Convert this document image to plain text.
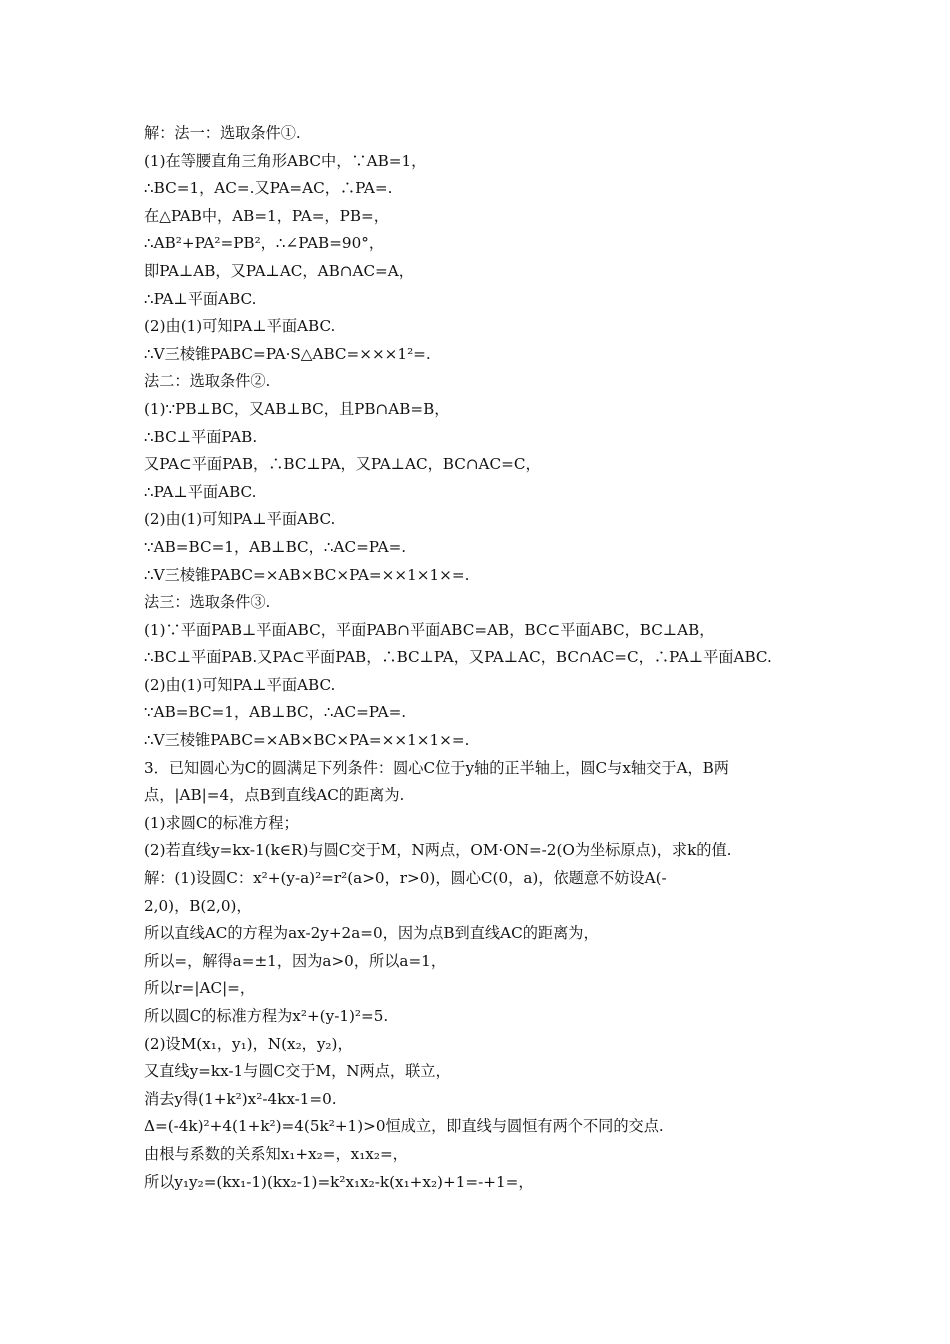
解：法一：选取条件①.

(1)在等腰直角三角形ABC中，∵AB=1，

∴BC=1，AC=.又PA=AC，∴PA=.

在△PAB中，AB=1，PA=，PB=，

∴AB²+PA²=PB²，∴∠PAB=90°，

即PA⊥AB，又PA⊥AC，AB∩AC=A，

∴PA⊥平面ABC.

(2)由(1)可知PA⊥平面ABC.

∴V三棱锥PABC=PA·S△ABC=×××1²=.

法二：选取条件②.

(1)∵PB⊥BC，又AB⊥BC，且PB∩AB=B，

∴BC⊥平面PAB.

又PA⊂平面PAB，∴BC⊥PA，又PA⊥AC，BC∩AC=C，

∴PA⊥平面ABC.

(2)由(1)可知PA⊥平面ABC.

∵AB=BC=1，AB⊥BC，∴AC=PA=.

∴V三棱锥PABC=×AB×BC×PA=××1×1×=.

法三：选取条件③.

(1)∵平面PAB⊥平面ABC，平面PAB∩平面ABC=AB，BC⊂平面ABC，BC⊥AB，

∴BC⊥平面PAB.又PA⊂平面PAB，∴BC⊥PA，又PA⊥AC，BC∩AC=C，∴PA⊥平面ABC.

(2)由(1)可知PA⊥平面ABC.

∵AB=BC=1，AB⊥BC，∴AC=PA=.

∴V三棱锥PABC=×AB×BC×PA=××1×1×=.

3．已知圆心为C的圆满足下列条件：圆心C位于y轴的正半轴上，圆C与x轴交于A，B两

点，|AB|=4，点B到直线AC的距离为.

(1)求圆C的标准方程；

(2)若直线y=kx-1(k∈R)与圆C交于M，N两点，OM·ON=-2(O为坐标原点)，求k的值.

解：(1)设圆C：x²+(y-a)²=r²(a>0，r>0)，圆心C(0，a)，依题意不妨设A(-

2,0)，B(2,0)，

所以直线AC的方程为ax-2y+2a=0，因为点B到直线AC的距离为，

所以=，解得a=±1，因为a>0，所以a=1，

所以r=|AC|=，

所以圆C的标准方程为x²+(y-1)²=5.

(2)设M(x₁，y₁)，N(x₂，y₂)，

又直线y=kx-1与圆C交于M，N两点，联立，

消去y得(1+k²)x²-4kx-1=0.

Δ=(-4k)²+4(1+k²)=4(5k²+1)>0恒成立，即直线与圆恒有两个不同的交点.

由根与系数的关系知x₁+x₂=，x₁x₂=，

所以y₁y₂=(kx₁-1)(kx₂-1)=k²x₁x₂-k(x₁+x₂)+1=-+1=，
